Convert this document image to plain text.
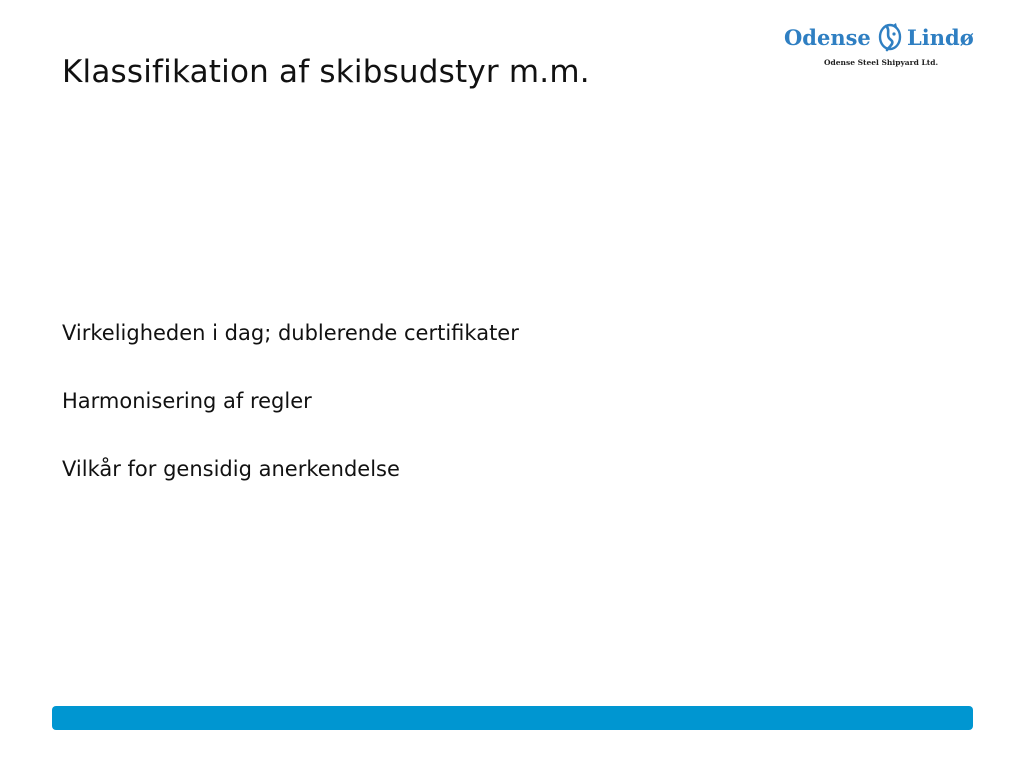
Klassifikation af skibsudstyr m.m.
Odense Lindø
Odense Steel Shipyard Ltd.
Virkeligheden i dag; dublerende certifikater
Harmonisering af regler
Vilkår for gensidig anerkendelse
